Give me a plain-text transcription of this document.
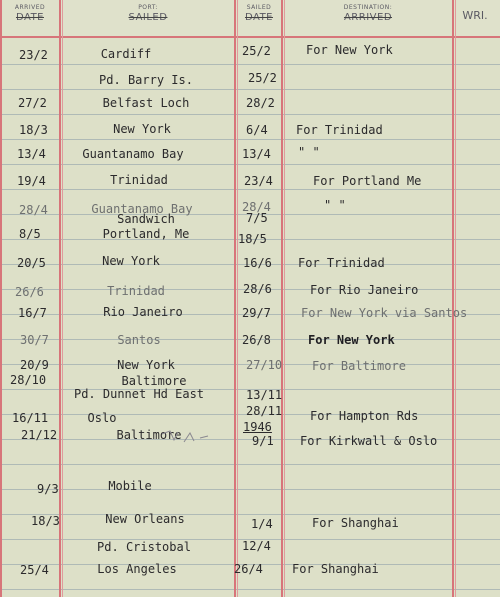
ARRIVED
DATE
PORT:
SAILED
SAILED
DATE
DESTINATION:
ARRIVED	WRI.
23/2	Cardiff	25/2	For New York
Pd. Barry Is.	25/2
27/2	Belfast Loch	28/2
18/3	New York	6/4 For Trinidad
13/4	Guantanamo Bay	13/4 " "
19/4	Trinidad	23/4	For Portland Me
28/4	Guantanamo Bay	28/4	" "
Sandwich	7/5
8/5	Portland, Me	18/5
20/5	New York	16/6 For Trinidad
26/6	Trinidad	28/6	For Rio Janeiro
16/7	Rio Janeiro	29/7	For New York via Santos
30/7	Santos	26/8	For New York
20/9	New York	27/10 For Baltimore
28/10	Baltimore
Pd. Dunnet Hd East	13/11
16/11	Oslo	28/11 For Hampton Rds
1946
21/12	Baltimore	9/1 For Kirkwall & Oslo
9/3	Mobile
18/3	New Orleans	1/4	For Shanghai
Pd. Cristobal	12/4
25/4	Los Angeles	26/4 For Shanghai
